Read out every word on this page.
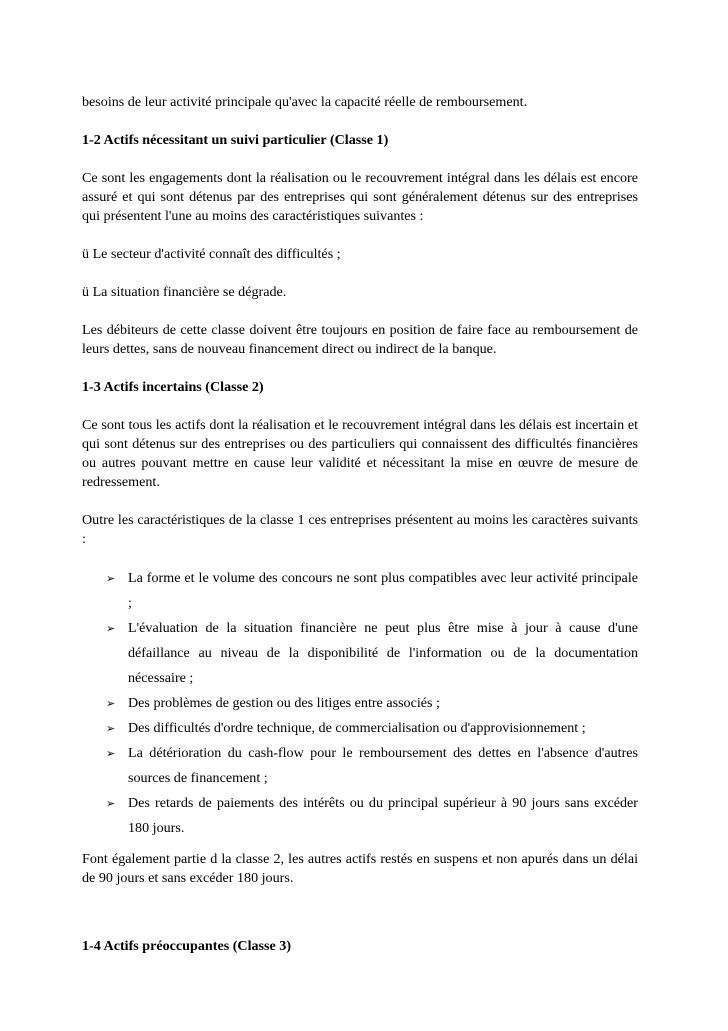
besoins de leur activité principale qu'avec la capacité réelle de remboursement.

1-2 Actifs nécessitant un suivi particulier (Classe 1)

Ce sont les engagements dont la réalisation ou le recouvrement intégral dans les délais est encore assuré et qui sont détenus par des entreprises qui sont généralement détenus sur des entreprises qui présentent l'une au moins des caractéristiques suivantes :

ü Le secteur d'activité connaît des difficultés ;

ü La situation financière se dégrade.

Les débiteurs de cette classe doivent être toujours en position de faire face au remboursement de leurs dettes, sans de nouveau financement direct ou indirect de la banque.

1-3 Actifs incertains (Classe 2)

Ce sont tous les actifs dont la réalisation et le recouvrement intégral dans les délais est incertain et qui sont détenus sur des entreprises ou des particuliers qui connaissent des difficultés financières ou autres pouvant mettre en cause leur validité et nécessitant la mise en œuvre de mesure de redressement.

Outre les caractéristiques de la classe 1 ces entreprises présentent au moins les caractères suivants :

➢ La forme et le volume des concours ne sont plus compatibles avec leur activité principale ;
➢ L'évaluation de la situation financière ne peut plus être mise à jour à cause d'une défaillance au niveau de la disponibilité de l'information ou de la documentation nécessaire ;
➢ Des problèmes de gestion ou des litiges entre associés ;
➢ Des difficultés d'ordre technique, de commercialisation ou d'approvisionnement ;
➢ La détérioration du cash-flow pour le remboursement des dettes en l'absence d'autres sources de financement ;
➢ Des retards de paiements des intérêts ou du principal supérieur à 90 jours sans excéder 180 jours.

Font également partie d la classe 2, les autres actifs restés en suspens et non apurés dans un délai de 90 jours et sans excéder 180 jours.

1-4 Actifs préoccupantes (Classe 3)
